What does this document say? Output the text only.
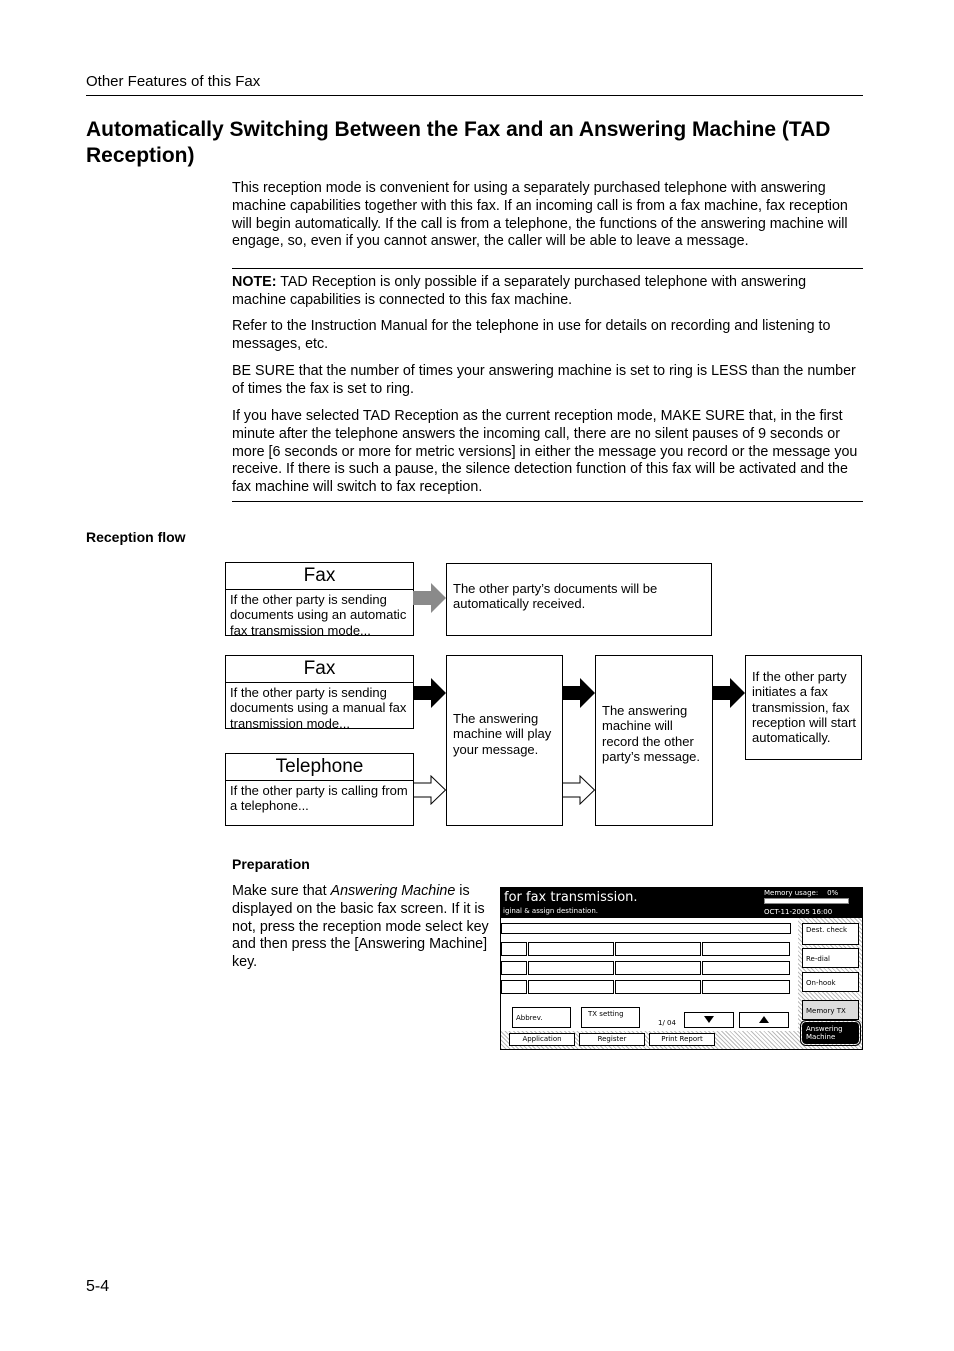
Other Features of this Fax
Automatically Switching Between the Fax and an Answering Machine (TAD Reception)
This reception mode is convenient for using a separately purchased telephone with answering machine capabilities together with this fax. If an incoming call is from a fax machine, fax reception will begin automatically. If the call is from a telephone, the functions of the answering machine will engage, so, even if you cannot answer, the caller will be able to leave a message.
NOTE: TAD Reception is only possible if a separately purchased telephone with answering machine capabilities is connected to this fax machine.
Refer to the Instruction Manual for the telephone in use for details on recording and listening to messages, etc.
BE SURE that the number of times your answering machine is set to ring is LESS than the number of times the fax is set to ring.
If you have selected TAD Reception as the current reception mode, MAKE SURE that, in the first minute after the telephone answers the incoming call, there are no silent pauses of 9 seconds or more [6 seconds or more for metric versions] in either the message you record or the message you receive. If there is such a pause, the silence detection function of this fax will be activated and the fax machine will switch to fax reception.
Reception flow
Fax
If the other party is sending documents using an automatic fax transmission mode...
The other party’s documents will be automatically received.
Fax
If the other party is sending documents using a manual fax transmission mode...
Telephone
If the other party is calling from a telephone...
The answering machine will play your message.
The answering machine will record the other party’s message.
If the other party initiates a fax transmission, fax reception will start automatically.
Preparation
Make sure that Answering Machine is displayed on the basic fax screen. If it is not, press the reception mode select key and then press the [Answering Machine] key.
for fax transmission.
iginal & assign destination.
Memory usage: 0%
OCT-11-2005 16:00
Abbrev.	TX setting
1/ 04
Dest. check
Re-dial
On-hook
Memory TX
Answering Machine
Application	Register	Print Report
5-4
